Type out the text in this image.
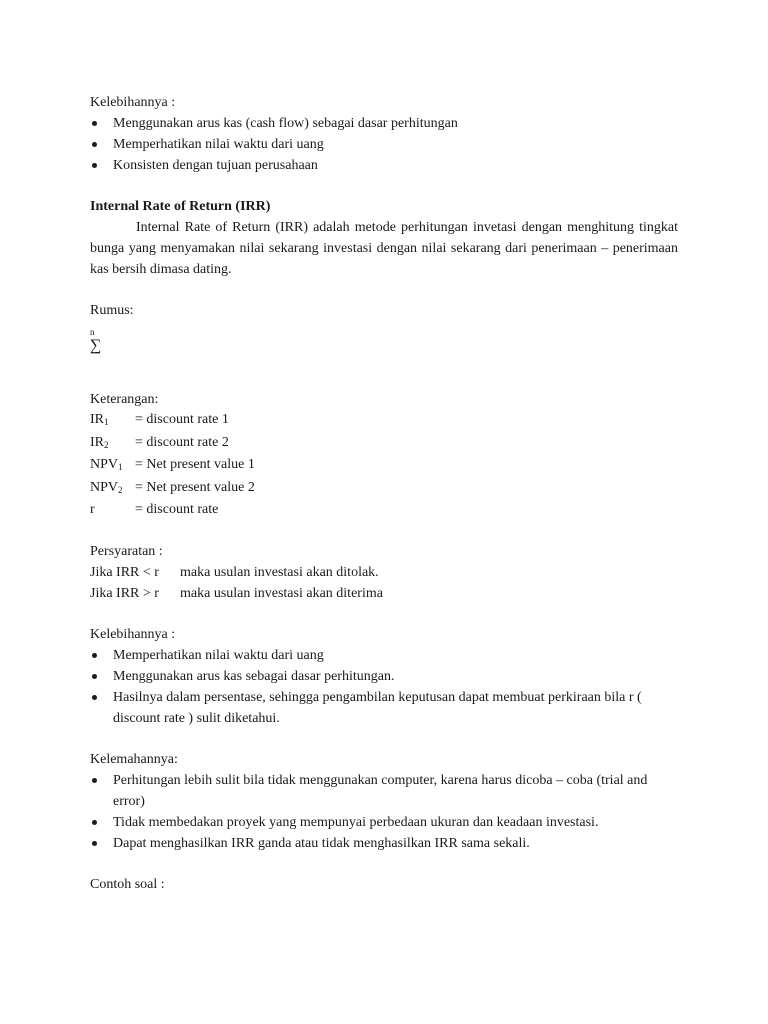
Kelebihannya :
Menggunakan arus kas (cash flow) sebagai dasar perhitungan
Memperhatikan nilai waktu dari uang
Konsisten dengan tujuan perusahaan
Internal Rate of Return (IRR)
Internal Rate of Return (IRR) adalah metode perhitungan invetasi dengan menghitung tingkat bunga yang menyamakan nilai sekarang investasi dengan nilai sekarang dari penerimaan – penerimaan kas bersih dimasa dating.
Rumus:
n
∑
Keterangan:
$IR_1$	= discount rate 1
$IR_2$	= discount rate 2
$NPV_1$ = Net present value 1
$NPV_2$ = Net present value 2
r	= discount rate
Persyaratan :
Jika IRR < r	maka usulan investasi akan ditolak.
Jika IRR > r	maka usulan investasi akan diterima
Kelebihannya :
Memperhatikan nilai waktu dari uang
Menggunakan arus kas sebagai dasar perhitungan.
Hasilnya dalam persentase, sehingga pengambilan keputusan dapat membuat perkiraan bila r ( discount rate ) sulit diketahui.
Kelemahannya:
Perhitungan lebih sulit bila tidak menggunakan computer, karena harus dicoba – coba (trial and error)
Tidak membedakan proyek yang mempunyai perbedaan ukuran dan keadaan investasi.
Dapat menghasilkan IRR ganda atau tidak menghasilkan IRR sama sekali.
Contoh soal :
